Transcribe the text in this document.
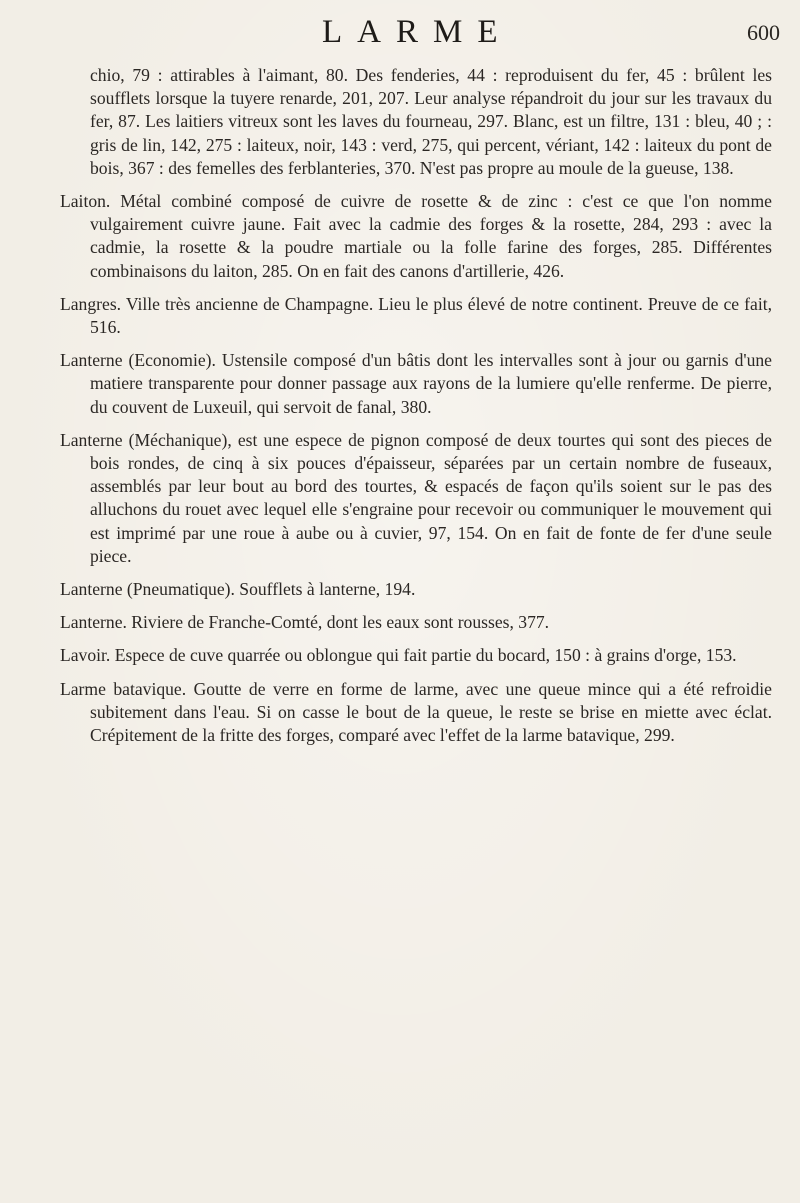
LARME	600

chio, 79 : attirables à l'aimant, 80. Des fenderies, 44 : reproduisent du fer, 45 : brûlent les soufflets lorsque la tuyere renarde, 201, 207. Leur analyse répandroit du jour sur les travaux du fer, 87. Les laitiers vitreux sont les laves du fourneau, 297. Blanc, est un filtre, 131 : bleu, 40 ; : gris de lin, 142, 275 : laiteux, noir, 143 : verd, 275, qui percent, vériant, 142 : laiteux du pont de bois, 367 : des femelles des ferblanteries, 370. N'est pas propre au moule de la gueuse, 138.

Laiton. Métal combiné composé de cuivre de rosette & de zinc : c'est ce que l'on nomme vulgairement cuivre jaune. Fait avec la cadmie des forges & la rosette, 284, 293 : avec la cadmie, la rosette & la poudre martiale ou la folle farine des forges, 285. Différentes combinaisons du laiton, 285. On en fait des canons d'artillerie, 426.

Langres. Ville très ancienne de Champagne. Lieu le plus élevé de notre continent. Preuve de ce fait, 516.

Lanterne (Economie). Ustensile composé d'un bâtis dont les intervalles sont à jour ou garnis d'une matiere transparente pour donner passage aux rayons de la lumiere qu'elle renferme. De pierre, du couvent de Luxeuil, qui servoit de fanal, 380.

Lanterne (Méchanique), est une espece de pignon composé de deux tourtes qui sont des pieces de bois rondes, de cinq à six pouces d'épaisseur, séparées par un certain nombre de fuseaux, assemblés par leur bout au bord des tourtes, & espacés de façon qu'ils soient sur le pas des alluchons du rouet avec lequel elle s'engraine pour recevoir ou communiquer le mouvement qui est imprimé par une roue à aube ou à cuvier, 97, 154. On en fait de fonte de fer d'une seule piece.

Lanterne (Pneumatique). Soufflets à lanterne, 194.

Lanterne. Riviere de Franche-Comté, dont les eaux sont rousses, 377.

Lavoir. Espece de cuve quarrée ou oblongue qui fait partie du bocard, 150 : à grains d'orge, 153.

Larme batavique. Goutte de verre en forme de larme, avec une queue mince qui a été refroidie subitement dans l'eau. Si on casse le bout de la queue, le reste se brise en miette avec éclat. Crépitement de la fritte des forges, comparé avec l'effet de la larme batavique, 299.
